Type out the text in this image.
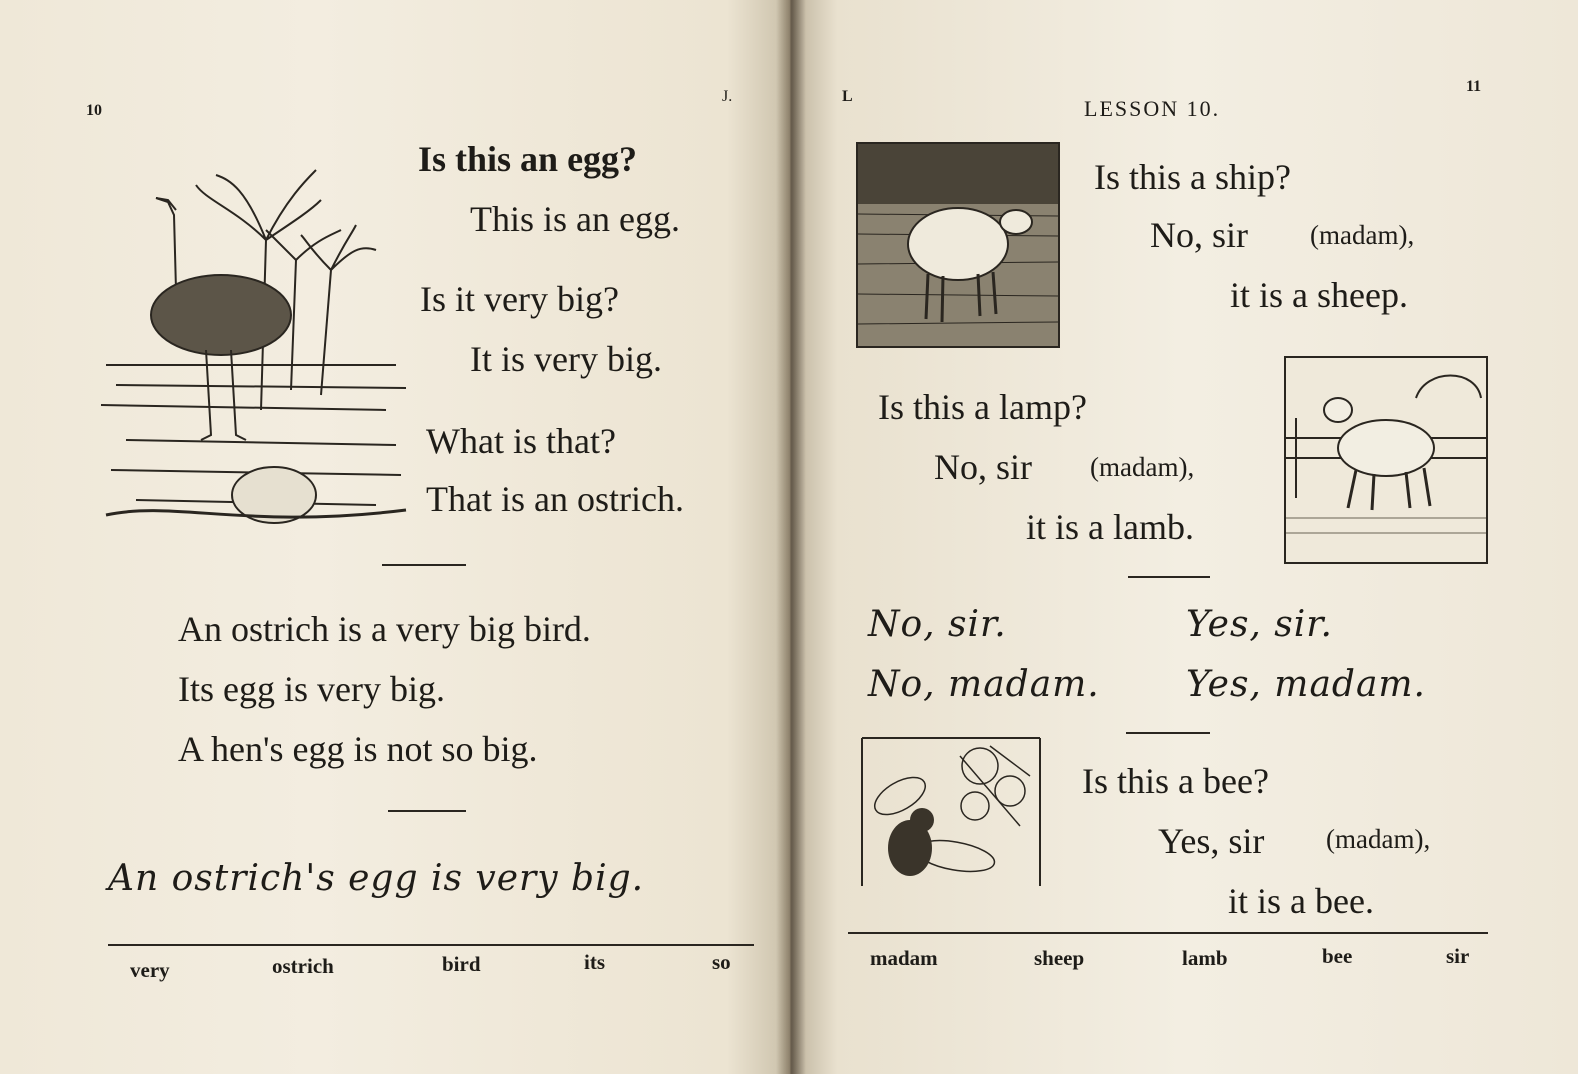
10
J.
Is this an egg?
This is an egg.
Is it very big?
It is very big.
What is that?
That is an ostrich.
An ostrich is a very big bird.
Its egg is very big.
A hen's egg is not so big.
An ostrich's egg is very big.
very	ostrich	bird	its	so
L	LESSON 10.
11
Is this a ship?
No, sir (madam),
it is a sheep.
Is this a lamp?
No, sir (madam),
it is a lamb.
No, sir.	Yes, sir.
No, madam. Yes, madam.
Is this a bee?
Yes, sir (madam),
it is a bee.
madam	sheep	lamb	bee	sir
